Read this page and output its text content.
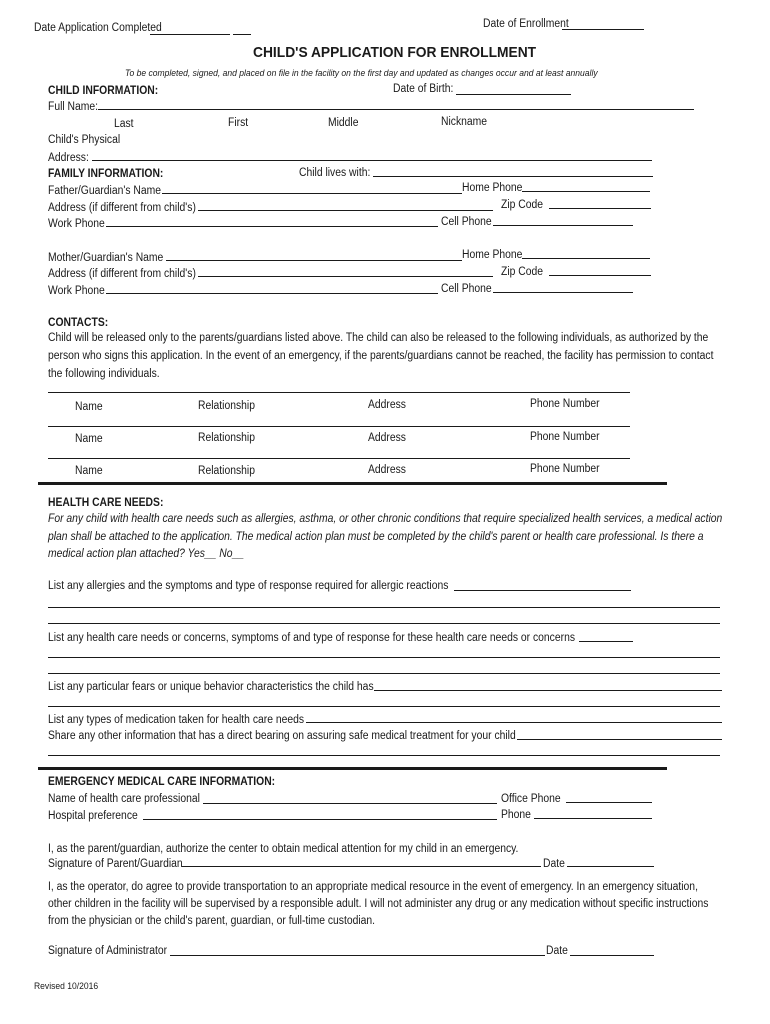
Date Application Completed	Date of Enrollment
CHILD'S APPLICATION FOR ENROLLMENT
To be completed, signed, and placed on file in the facility on the first day and updated as changes occur and at least annually
CHILD INFORMATION:	Date of Birth:
Full Name:
Last	First	Middle	Nickname
Child's Physical
Address:
FAMILY INFORMATION:	Child lives with:
Father/Guardian's Name	Home Phone
Address (if different from child's)	Zip Code
Work Phone	Cell Phone
Mother/Guardian's Name	Home Phone
Address (if different from child's)	Zip Code
Work Phone	Cell Phone
CONTACTS:
Child will be released only to the parents/guardians listed above. The child can also be released to the following individuals, as authorized by the
person who signs this application. In the event of an emergency, if the parents/guardians cannot be reached, the facility has permission to contact
the following individuals.
Name	Relationship	Address	Phone Number
Name	Relationship	Address	Phone Number
Name	Relationship	Address	Phone Number
HEALTH CARE NEEDS:
For any child with health care needs such as allergies, asthma, or other chronic conditions that require specialized health services, a medical action
plan shall be attached to the application. The medical action plan must be completed by the child's parent or health care professional. Is there a
medical action plan attached? Yes__ No__
List any allergies and the symptoms and type of response required for allergic reactions
List any health care needs or concerns, symptoms of and type of response for these health care needs or concerns
List any particular fears or unique behavior characteristics the child has
List any types of medication taken for health care needs
Share any other information that has a direct bearing on assuring safe medical treatment for your child
EMERGENCY MEDICAL CARE INFORMATION:
Name of health care professional	Office Phone
Hospital preference	Phone
I, as the parent/guardian, authorize the center to obtain medical attention for my child in an emergency.
Signature of Parent/Guardian	Date
I, as the operator, do agree to provide transportation to an appropriate medical resource in the event of emergency. In an emergency situation,
other children in the facility will be supervised by a responsible adult. I will not administer any drug or any medication without specific instructions
from the physician or the child's parent, guardian, or full-time custodian.
Signature of Administrator	Date
Revised 10/2016
